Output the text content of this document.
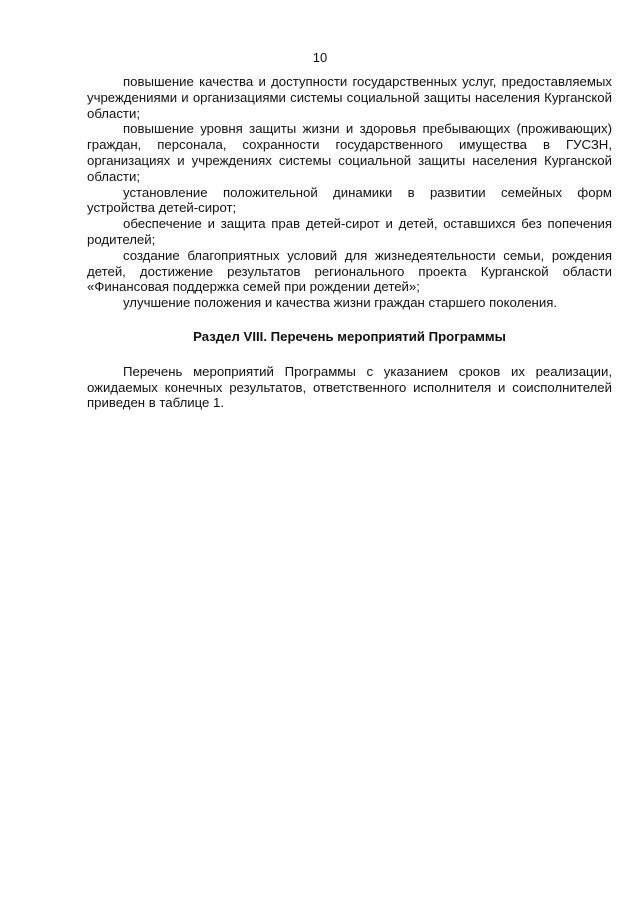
10

повышение качества и доступности государственных услуг, предоставляемых учреждениями и организациями системы социальной защиты населения Курганской области;

повышение уровня защиты жизни и здоровья пребывающих (проживающих) граждан, персонала, сохранности государственного имущества в ГУСЗН, организациях и учреждениях системы социальной защиты населения Курганской области;

установление положительной динамики в развитии семейных форм устройства детей-сирот;

обеспечение и защита прав детей-сирот и детей, оставшихся без попечения родителей;

создание благоприятных условий для жизнедеятельности семьи, рождения детей, достижение результатов регионального проекта Курганской области «Финансовая поддержка семей при рождении детей»;

улучшение положения и качества жизни граждан старшего поколения.

Раздел VIII. Перечень мероприятий Программы

Перечень мероприятий Программы с указанием сроков их реализации, ожидаемых конечных результатов, ответственного исполнителя и соисполнителей приведен в таблице 1.
